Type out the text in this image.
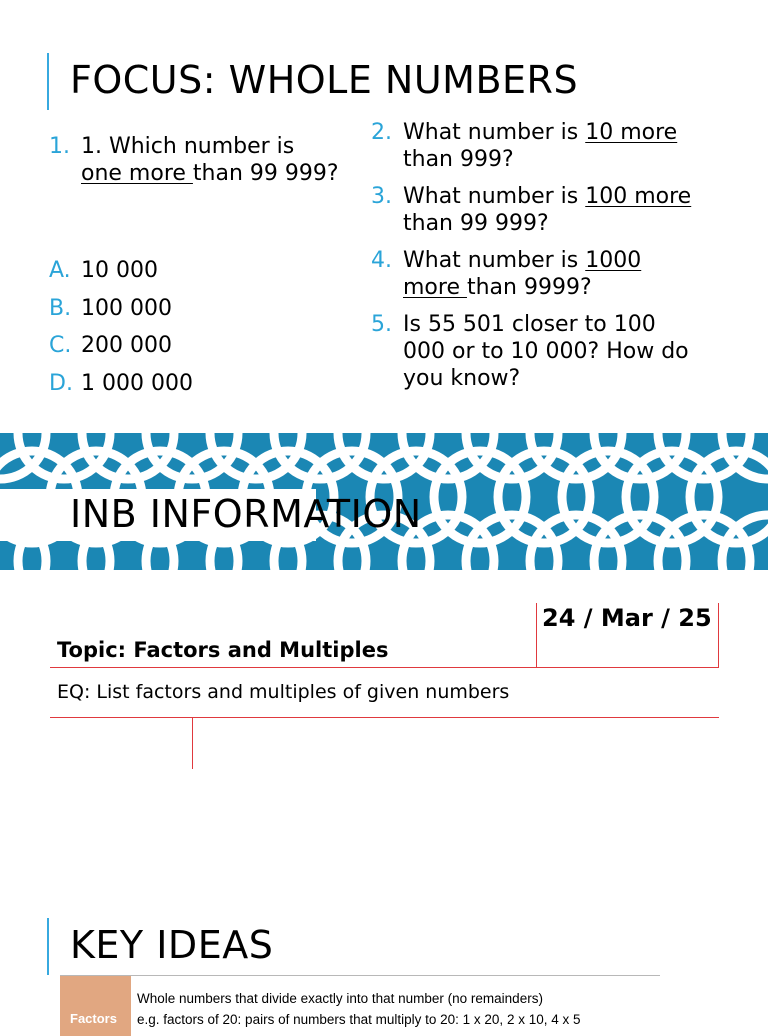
FOCUS: WHOLE NUMBERS
1. 1. Which number is
one more than 99 999?
A. 10 000
B. 100 000
C. 200 000
D. 1 000 000
2. What number is 10 more than 999?
3. What number is 100 more than 99 999?
4. What number is 1000 more than 9999?
5. Is 55 501 closer to 100 000 or to 10 000? How do you know?
INB INFORMATION
Topic: Factors and Multiples
24 / Mar / 25
EQ: List factors and multiples of given numbers
KEY IDEAS
Factors
Whole numbers that divide exactly into that number (no remainders)
e.g. factors of 20: pairs of numbers that multiply to 20: 1 x 20, 2 x 10, 4 x 5
